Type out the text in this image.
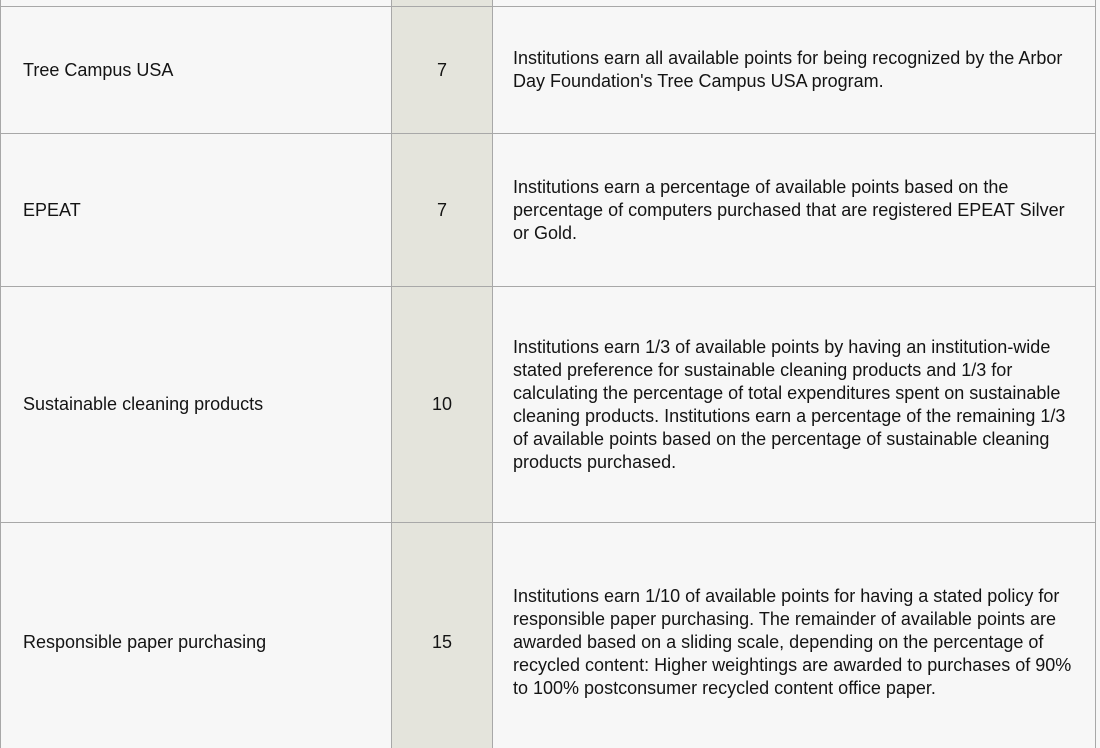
Tree Campus USA	7	Institutions earn all available points for being recognized by the Arbor Day Foundation's Tree Campus USA program.
EPEAT	7	Institutions earn a percentage of available points based on the percentage of computers purchased that are registered EPEAT Silver or Gold.
Sustainable cleaning products	10	Institutions earn 1/3 of available points by having an institution-wide stated preference for sustainable cleaning products and 1/3 for calculating the percentage of total expenditures spent on sustainable cleaning products. Institutions earn a percentage of the remaining 1/3 of available points based on the percentage of sustainable cleaning products purchased.
Responsible paper purchasing	15	Institutions earn 1/10 of available points for having a stated policy for responsible paper purchasing. The remainder of available points are awarded based on a sliding scale, depending on the percentage of recycled content: Higher weightings are awarded to purchases of 90% to 100% postconsumer recycled content office paper.
